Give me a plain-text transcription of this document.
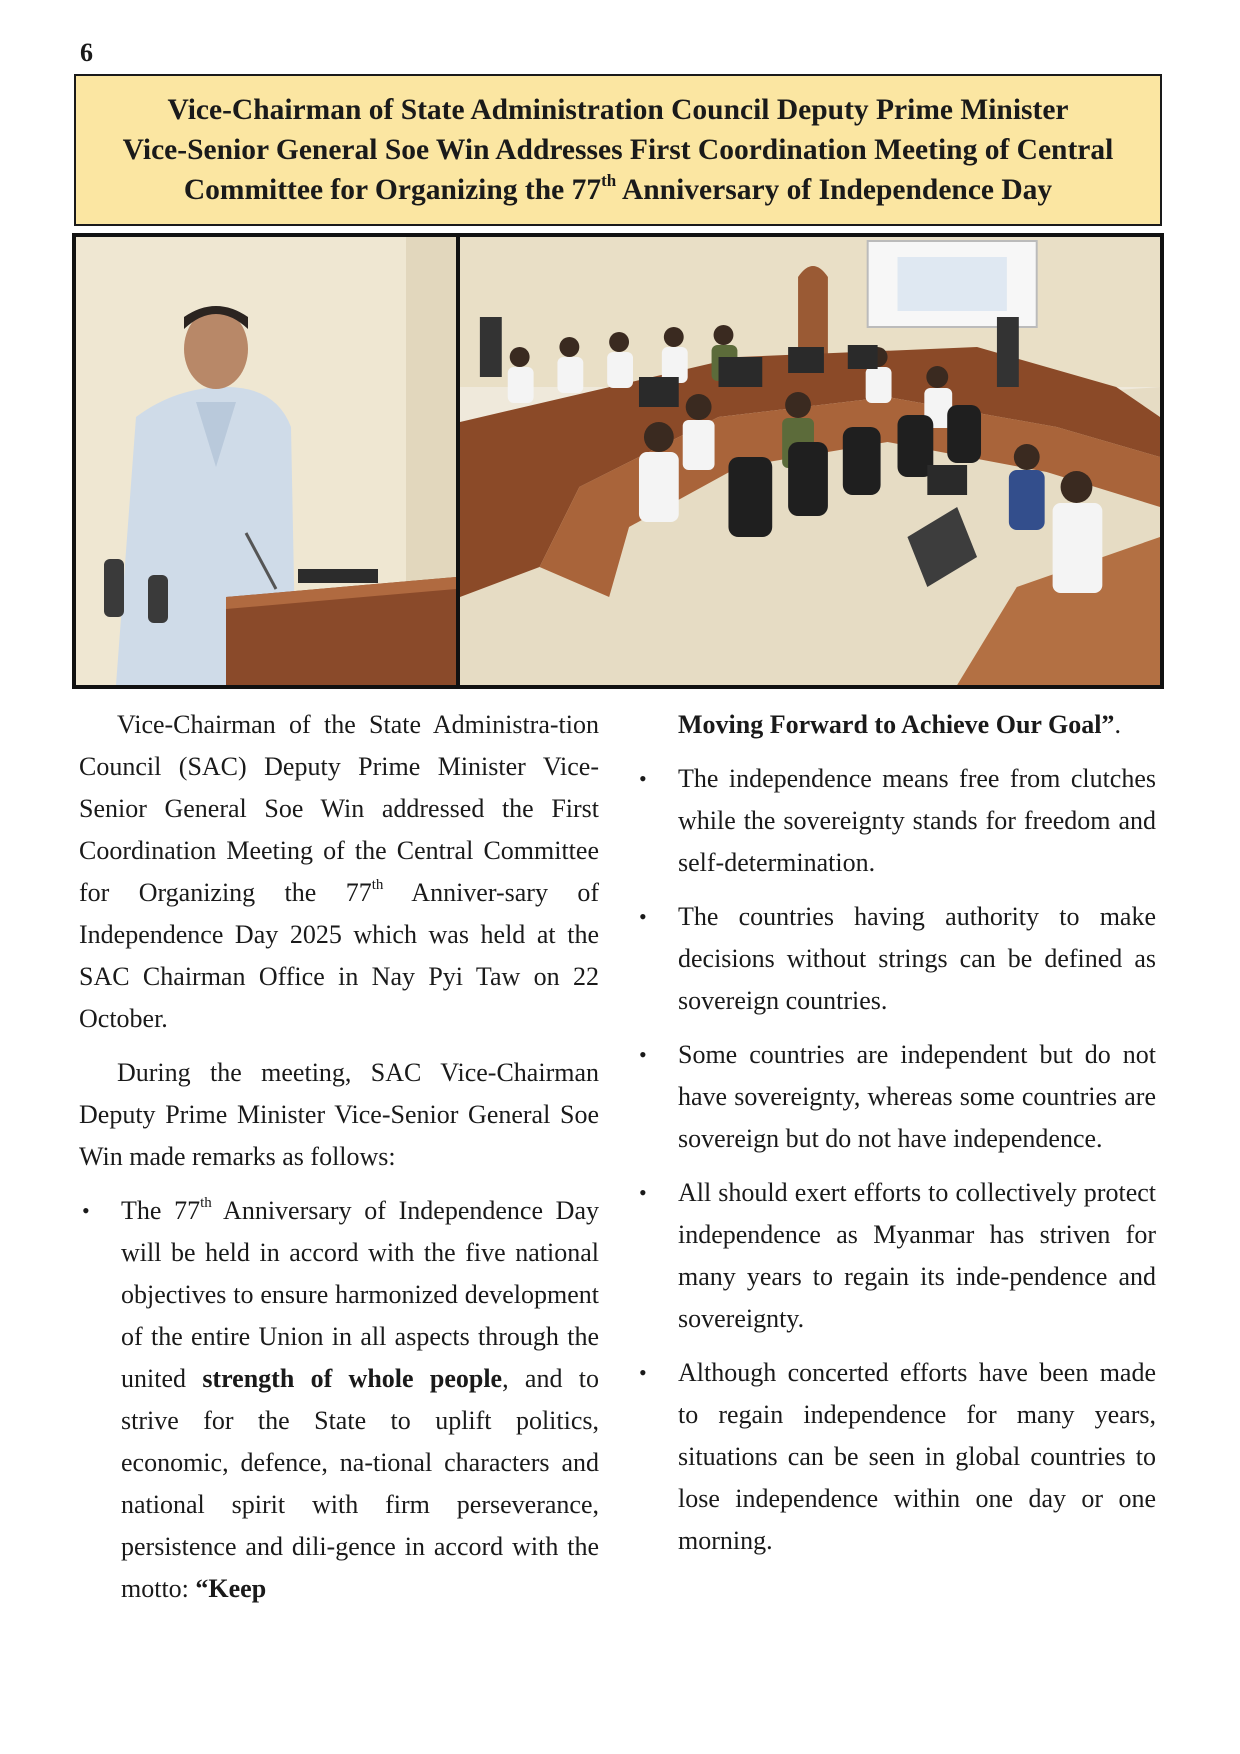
6
Vice-Chairman of State Administration Council Deputy Prime Minister
Vice-Senior General Soe Win Addresses First Coordination Meeting of Central
Committee for Organizing the 77th Anniversary of Independence Day

Vice-Chairman of the State Administra-tion Council (SAC) Deputy Prime Minister Vice-Senior General Soe Win addressed the First Coordination Meeting of the Central Committee for Organizing the 77th Anniver-sary of Independence Day 2025 which was held at the SAC Chairman Office in Nay Pyi Taw on 22 October.

During the meeting, SAC Vice-Chairman Deputy Prime Minister Vice-Senior General Soe Win made remarks as follows:

• The 77th Anniversary of Independence Day will be held in accord with the five national objectives to ensure harmonized development of the entire Union in all aspects through the united strength of whole people, and to strive for the State to uplift politics, economic, defence, na-tional characters and national spirit with firm perseverance, persistence and dili-gence in accord with the motto: “Keep

Moving Forward to Achieve Our Goal”.

• The independence means free from clutches while the sovereignty stands for freedom and self-determination.
• The countries having authority to make decisions without strings can be defined as sovereign countries.
• Some countries are independent but do not have sovereignty, whereas some countries are sovereign but do not have independence.
• All should exert efforts to collectively protect independence as Myanmar has striven for many years to regain its inde-pendence and sovereignty.
• Although concerted efforts have been made to regain independence for many years, situations can be seen in global countries to lose independence within one day or one morning.
